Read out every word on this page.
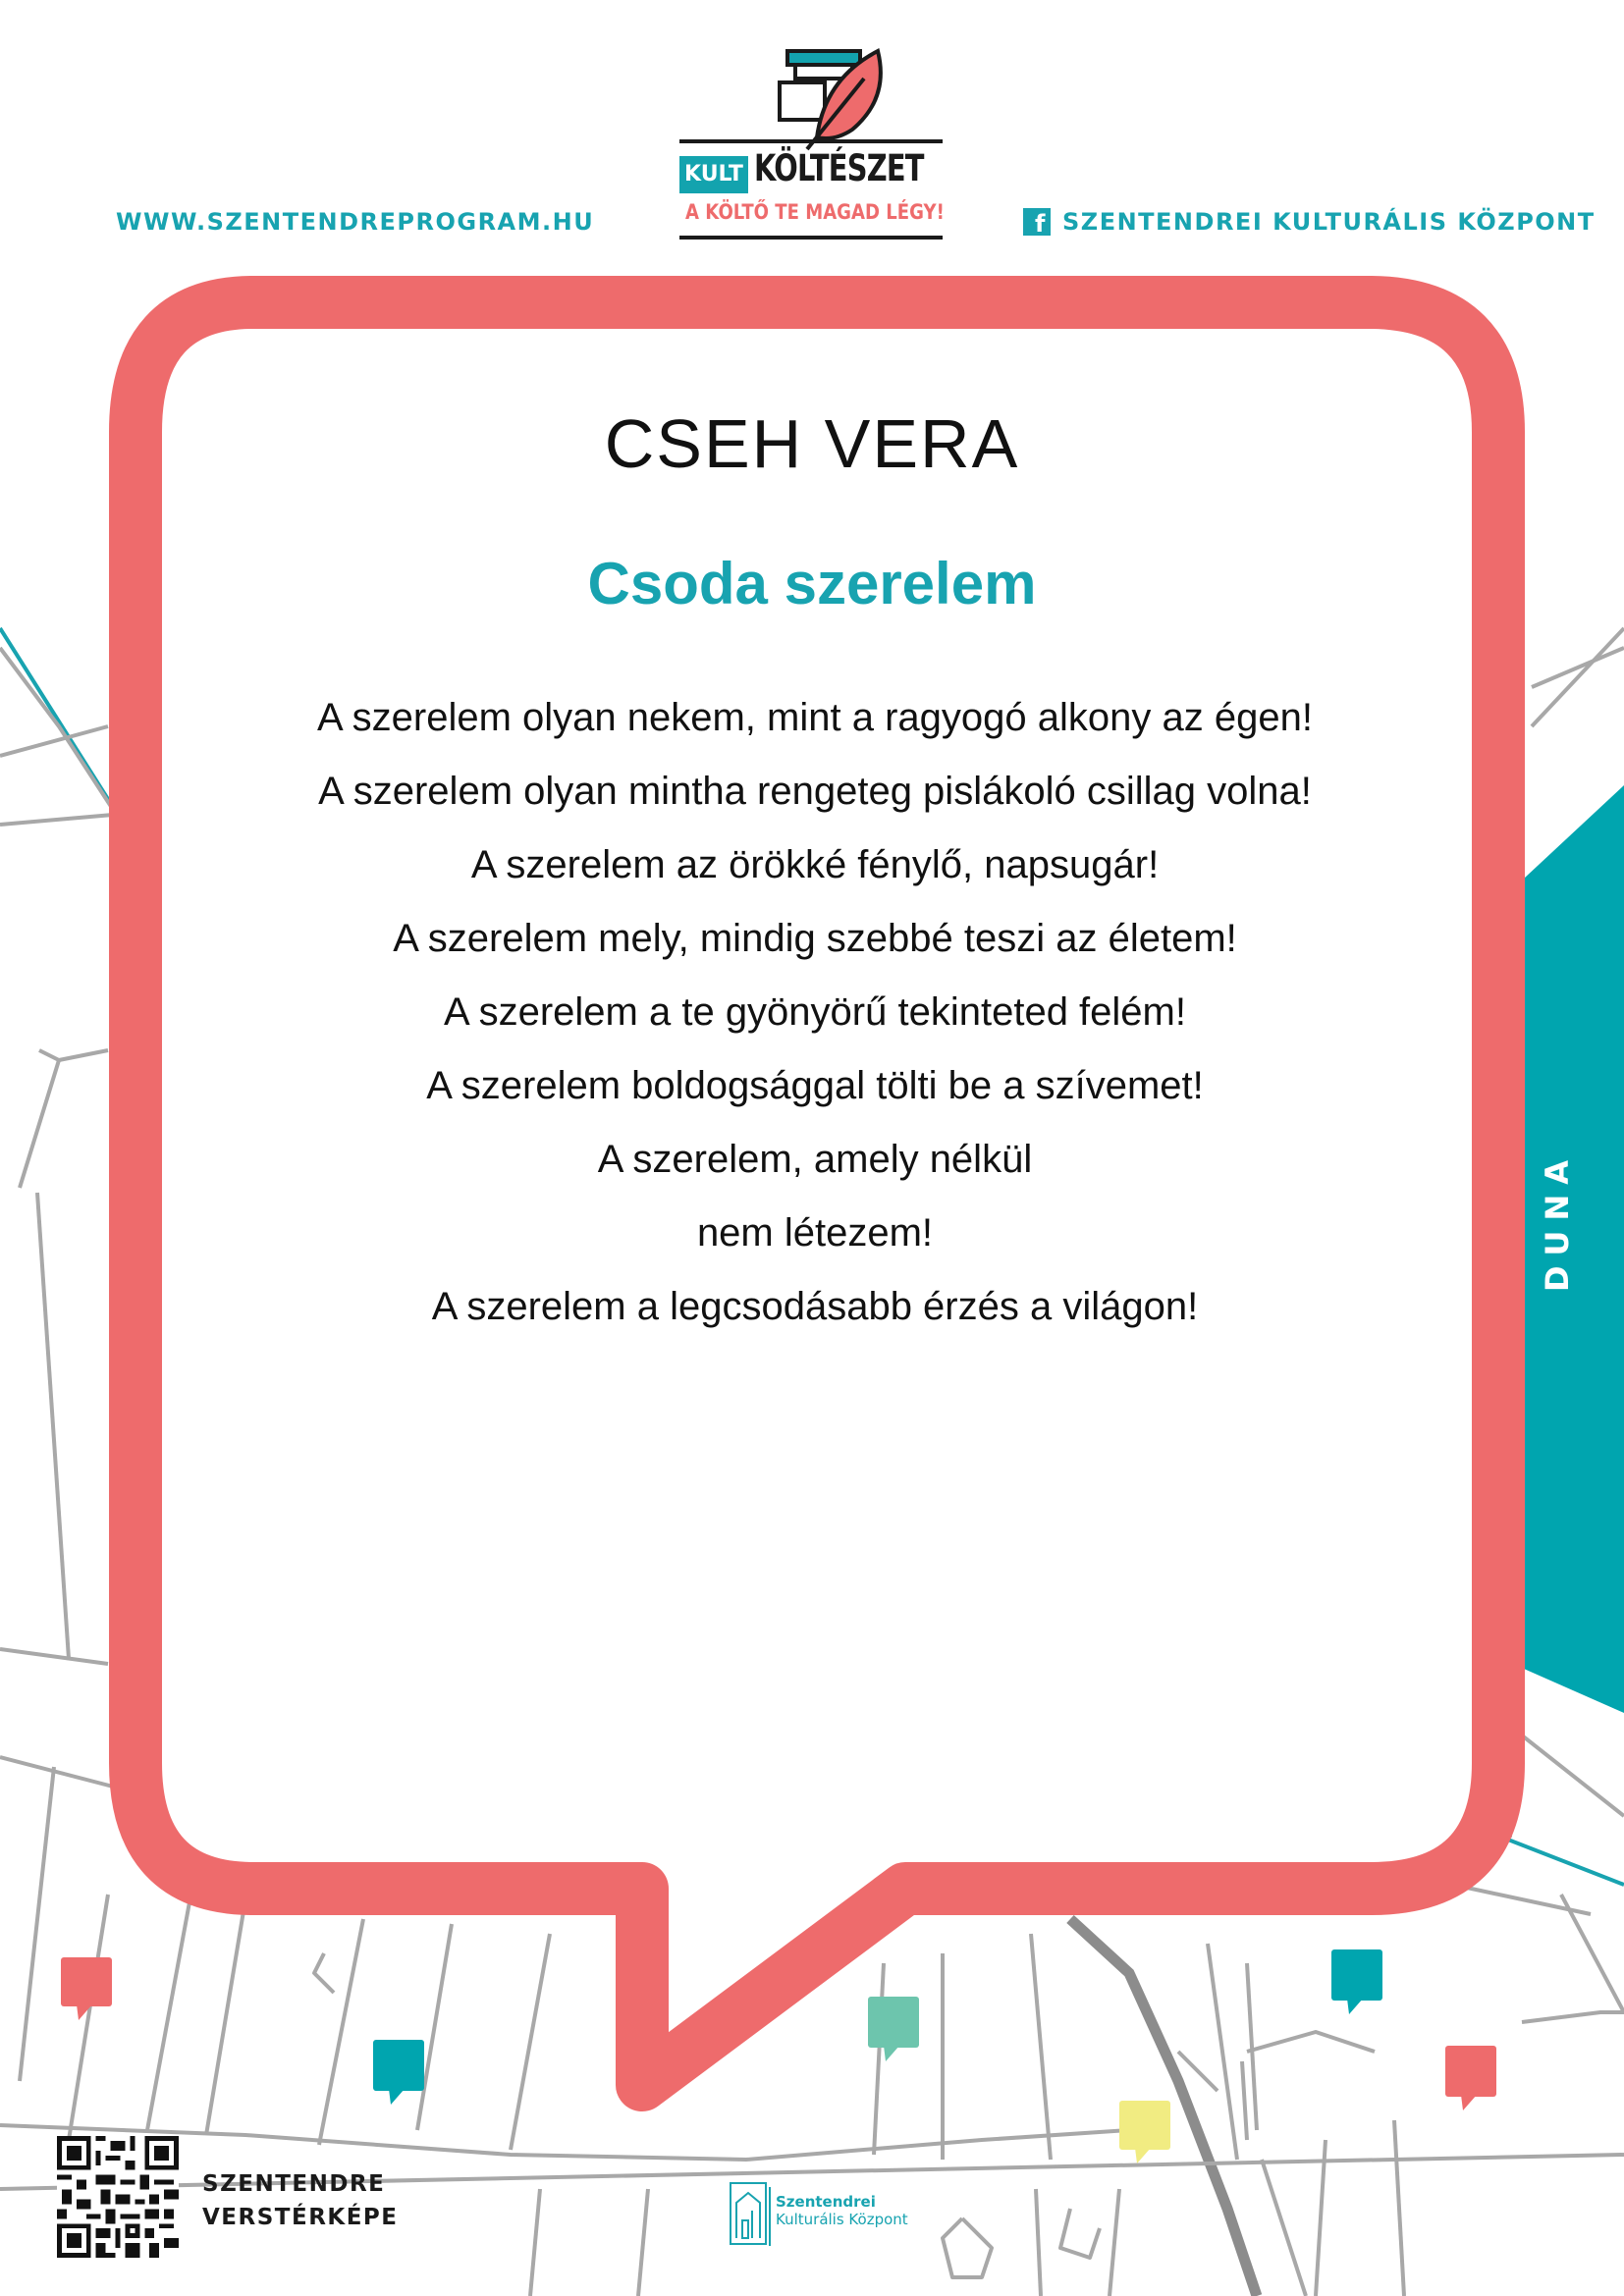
WWW.SZENTENDREPROGRAM.HU	f SZENTENDREI KULTURÁLIS KÖZPONT
KULT KÖLTÉSZET
A KÖLTŐ TE MAGAD LÉGY!
CSEH VERA
Csoda szerelem
A szerelem olyan nekem, mint a ragyogó alkony az égen!
A szerelem olyan mintha rengeteg pislákoló csillag volna!
A szerelem az örökké fénylő, napsugár!
A szerelem mely, mindig szebbé teszi az életem!
A szerelem a te gyönyörű tekinteted felém!
A szerelem boldogsággal tölti be a szívemet!
A szerelem, amely nélkül
nem létezem!
A szerelem a legcsodásabb érzés a világon!
DUNA
SZENTENDRE
VERSTÉRKÉPE
Szentendrei
Kulturális Központ
